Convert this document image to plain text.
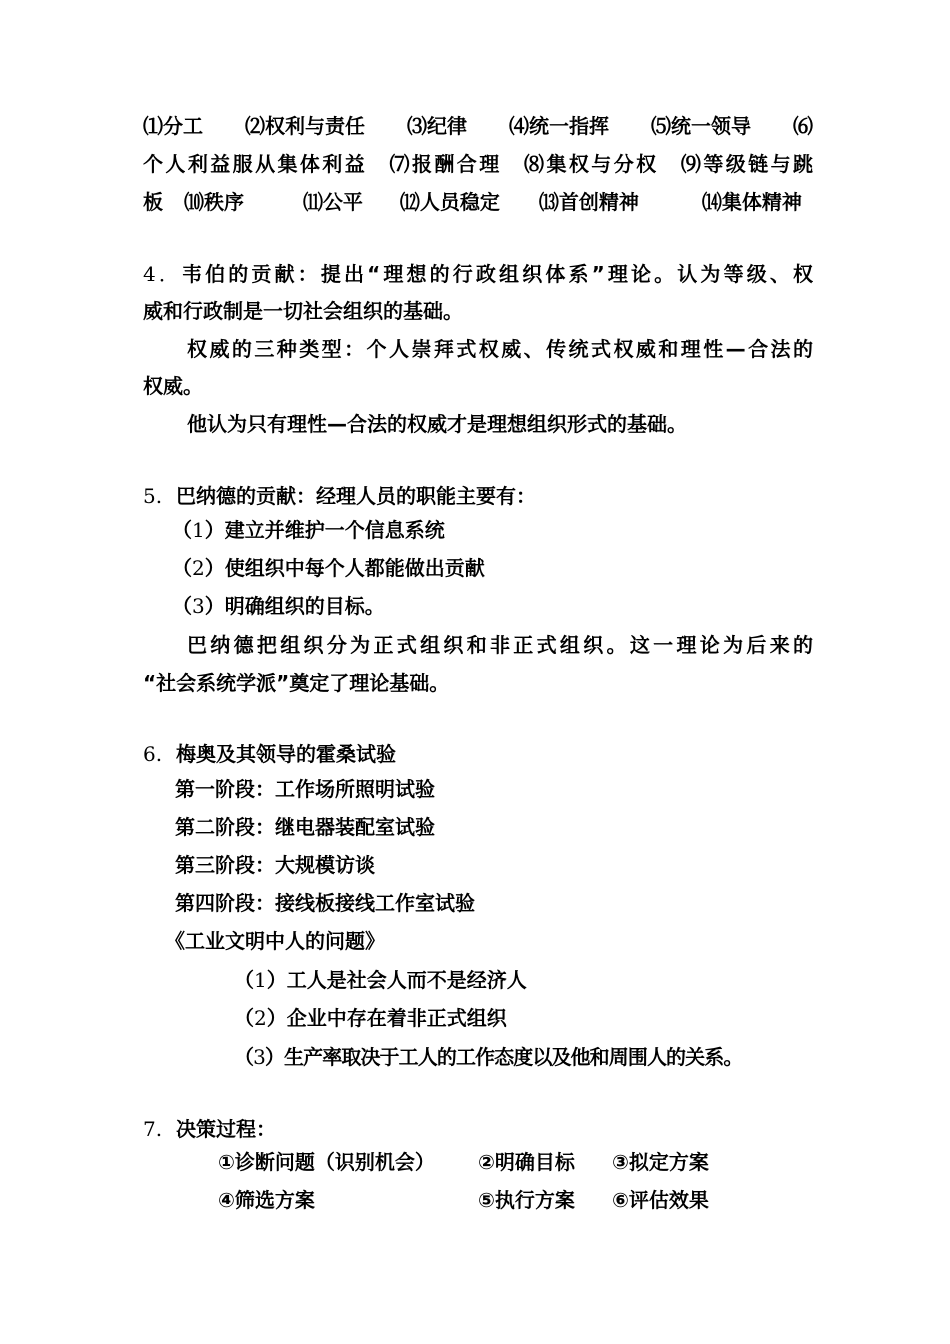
⑴分工 ⑵权利与责任 ⑶纪律 ⑷统一指挥 ⑸统一领导 ⑹
个人利益服从集体利益　⑺报酬合理　⑻集权与分权　⑼等级链与跳
板 ⑽秩序	⑾公平 ⑿人员稳定 ⒀首创精神	⒁集体精神
4．韦伯的贡献：提出“理想的行政组织体系”理论。认为等级、权
威和行政制是一切社会组织的基础。
权威的三种类型：个人崇拜式权威、传统式权威和理性—合法的
权威。
他认为只有理性—合法的权威才是理想组织形式的基础。
5. 巴纳德的贡献：经理人员的职能主要有：
（1）建立并维护一个信息系统
（2）使组织中每个人都能做出贡献
（3）明确组织的目标。
巴纳德把组织分为正式组织和非正式组织。这一理论为后来的
“社会系统学派”奠定了理论基础。
6. 梅奥及其领导的霍桑试验
第一阶段：工作场所照明试验
第二阶段：继电器装配室试验
第三阶段：大规模访谈
第四阶段：接线板接线工作室试验
《工业文明中人的问题》
（1）工人是社会人而不是经济人
（2）企业中存在着非正式组织
（3）生产率取决于工人的工作态度以及他和周围人的关系。
7. 决策过程：
①诊断问题（识别机会） ②明确目标 ③拟定方案
④筛选方案	⑤执行方案 ⑥评估效果
